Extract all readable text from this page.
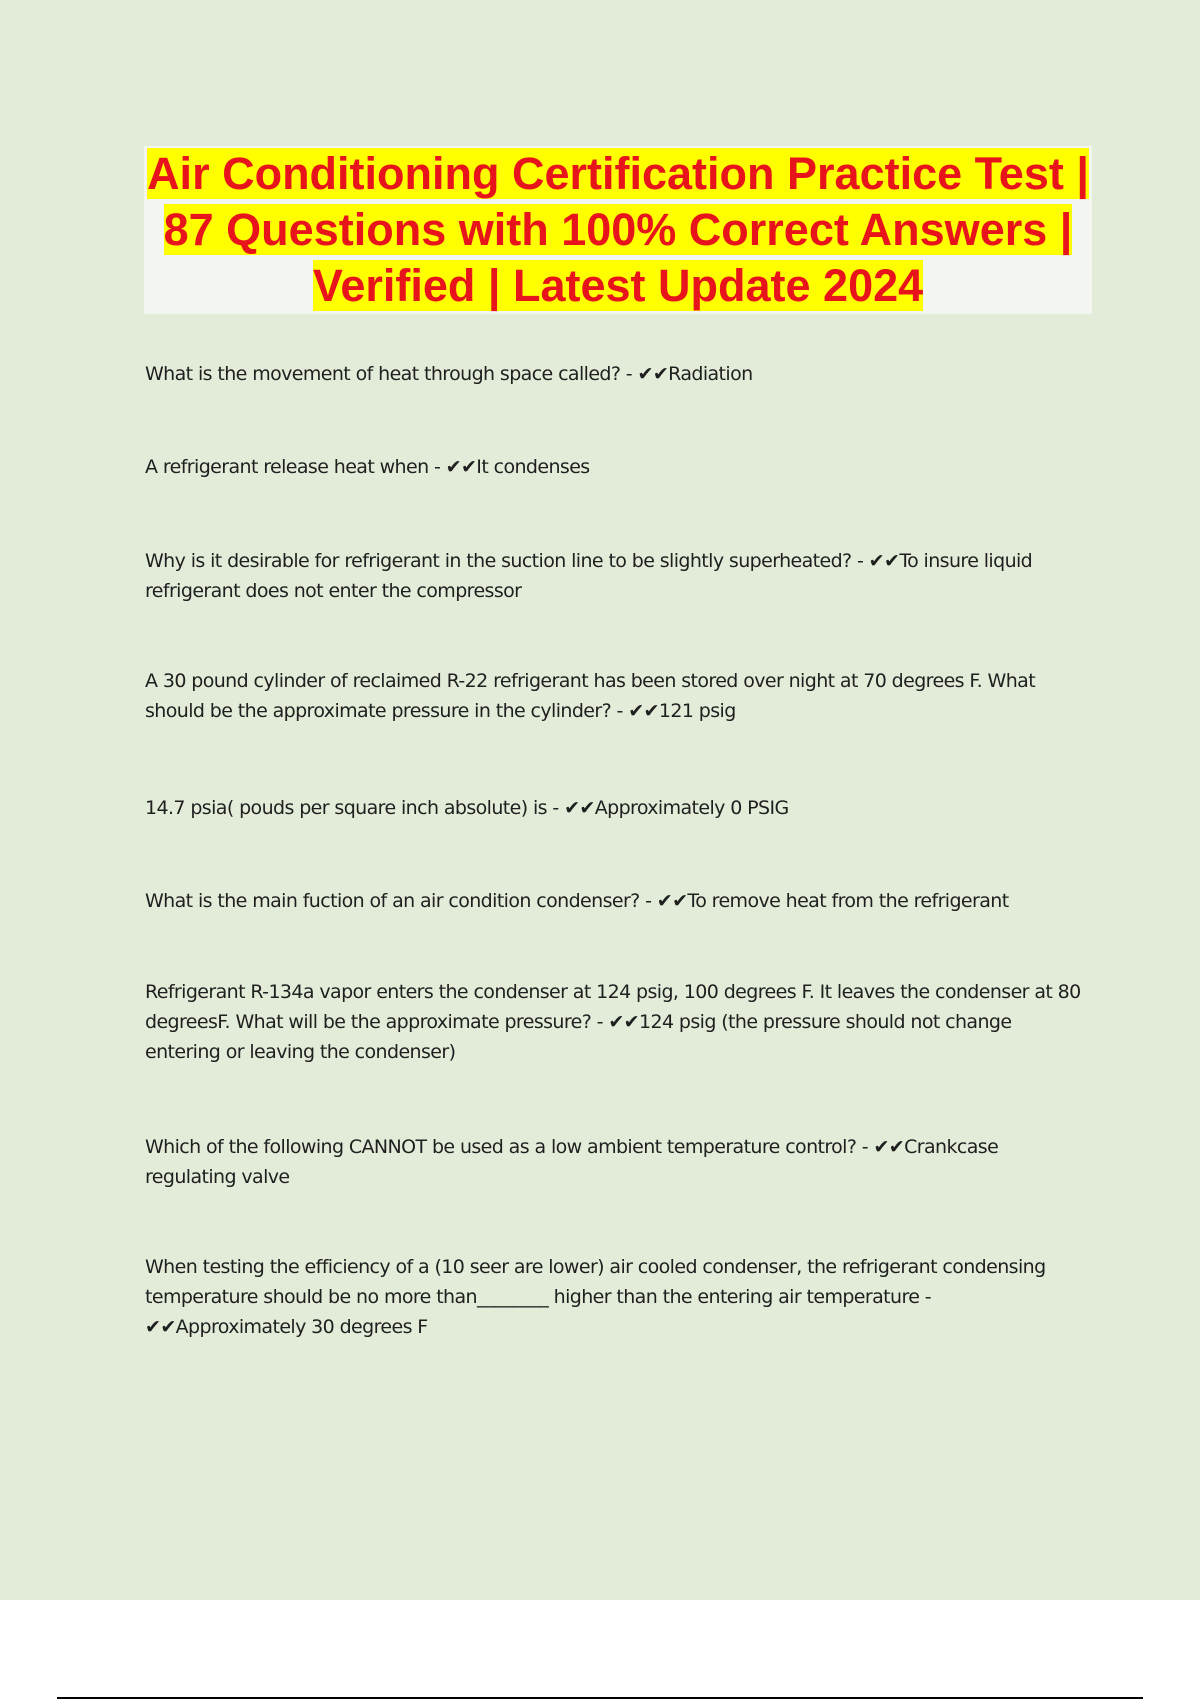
Air Conditioning Certification Practice Test | 87 Questions with 100% Correct Answers | Verified | Latest Update 2024

What is the movement of heat through space called? - ✔✔Radiation

A refrigerant release heat when - ✔✔It condenses

Why is it desirable for refrigerant in the suction line to be slightly superheated? - ✔✔To insure liquid refrigerant does not enter the compressor

A 30 pound cylinder of reclaimed R-22 refrigerant has been stored over night at 70 degrees F. What should be the approximate pressure in the cylinder? - ✔✔121 psig

14.7 psia( pouds per square inch absolute) is - ✔✔Approximately 0 PSIG

What is the main fuction of an air condition condenser? - ✔✔To remove heat from the refrigerant

Refrigerant R-134a vapor enters the condenser at 124 psig, 100 degrees F. It leaves the condenser at 80 degreesF. What will be the approximate pressure? - ✔✔124 psig (the pressure should not change entering or leaving the condenser)

Which of the following CANNOT be used as a low ambient temperature control? - ✔✔Crankcase regulating valve

When testing the efficiency of a (10 seer are lower) air cooled condenser, the refrigerant condensing temperature should be no more than________ higher than the entering air temperature - ✔✔Approximately 30 degrees F
